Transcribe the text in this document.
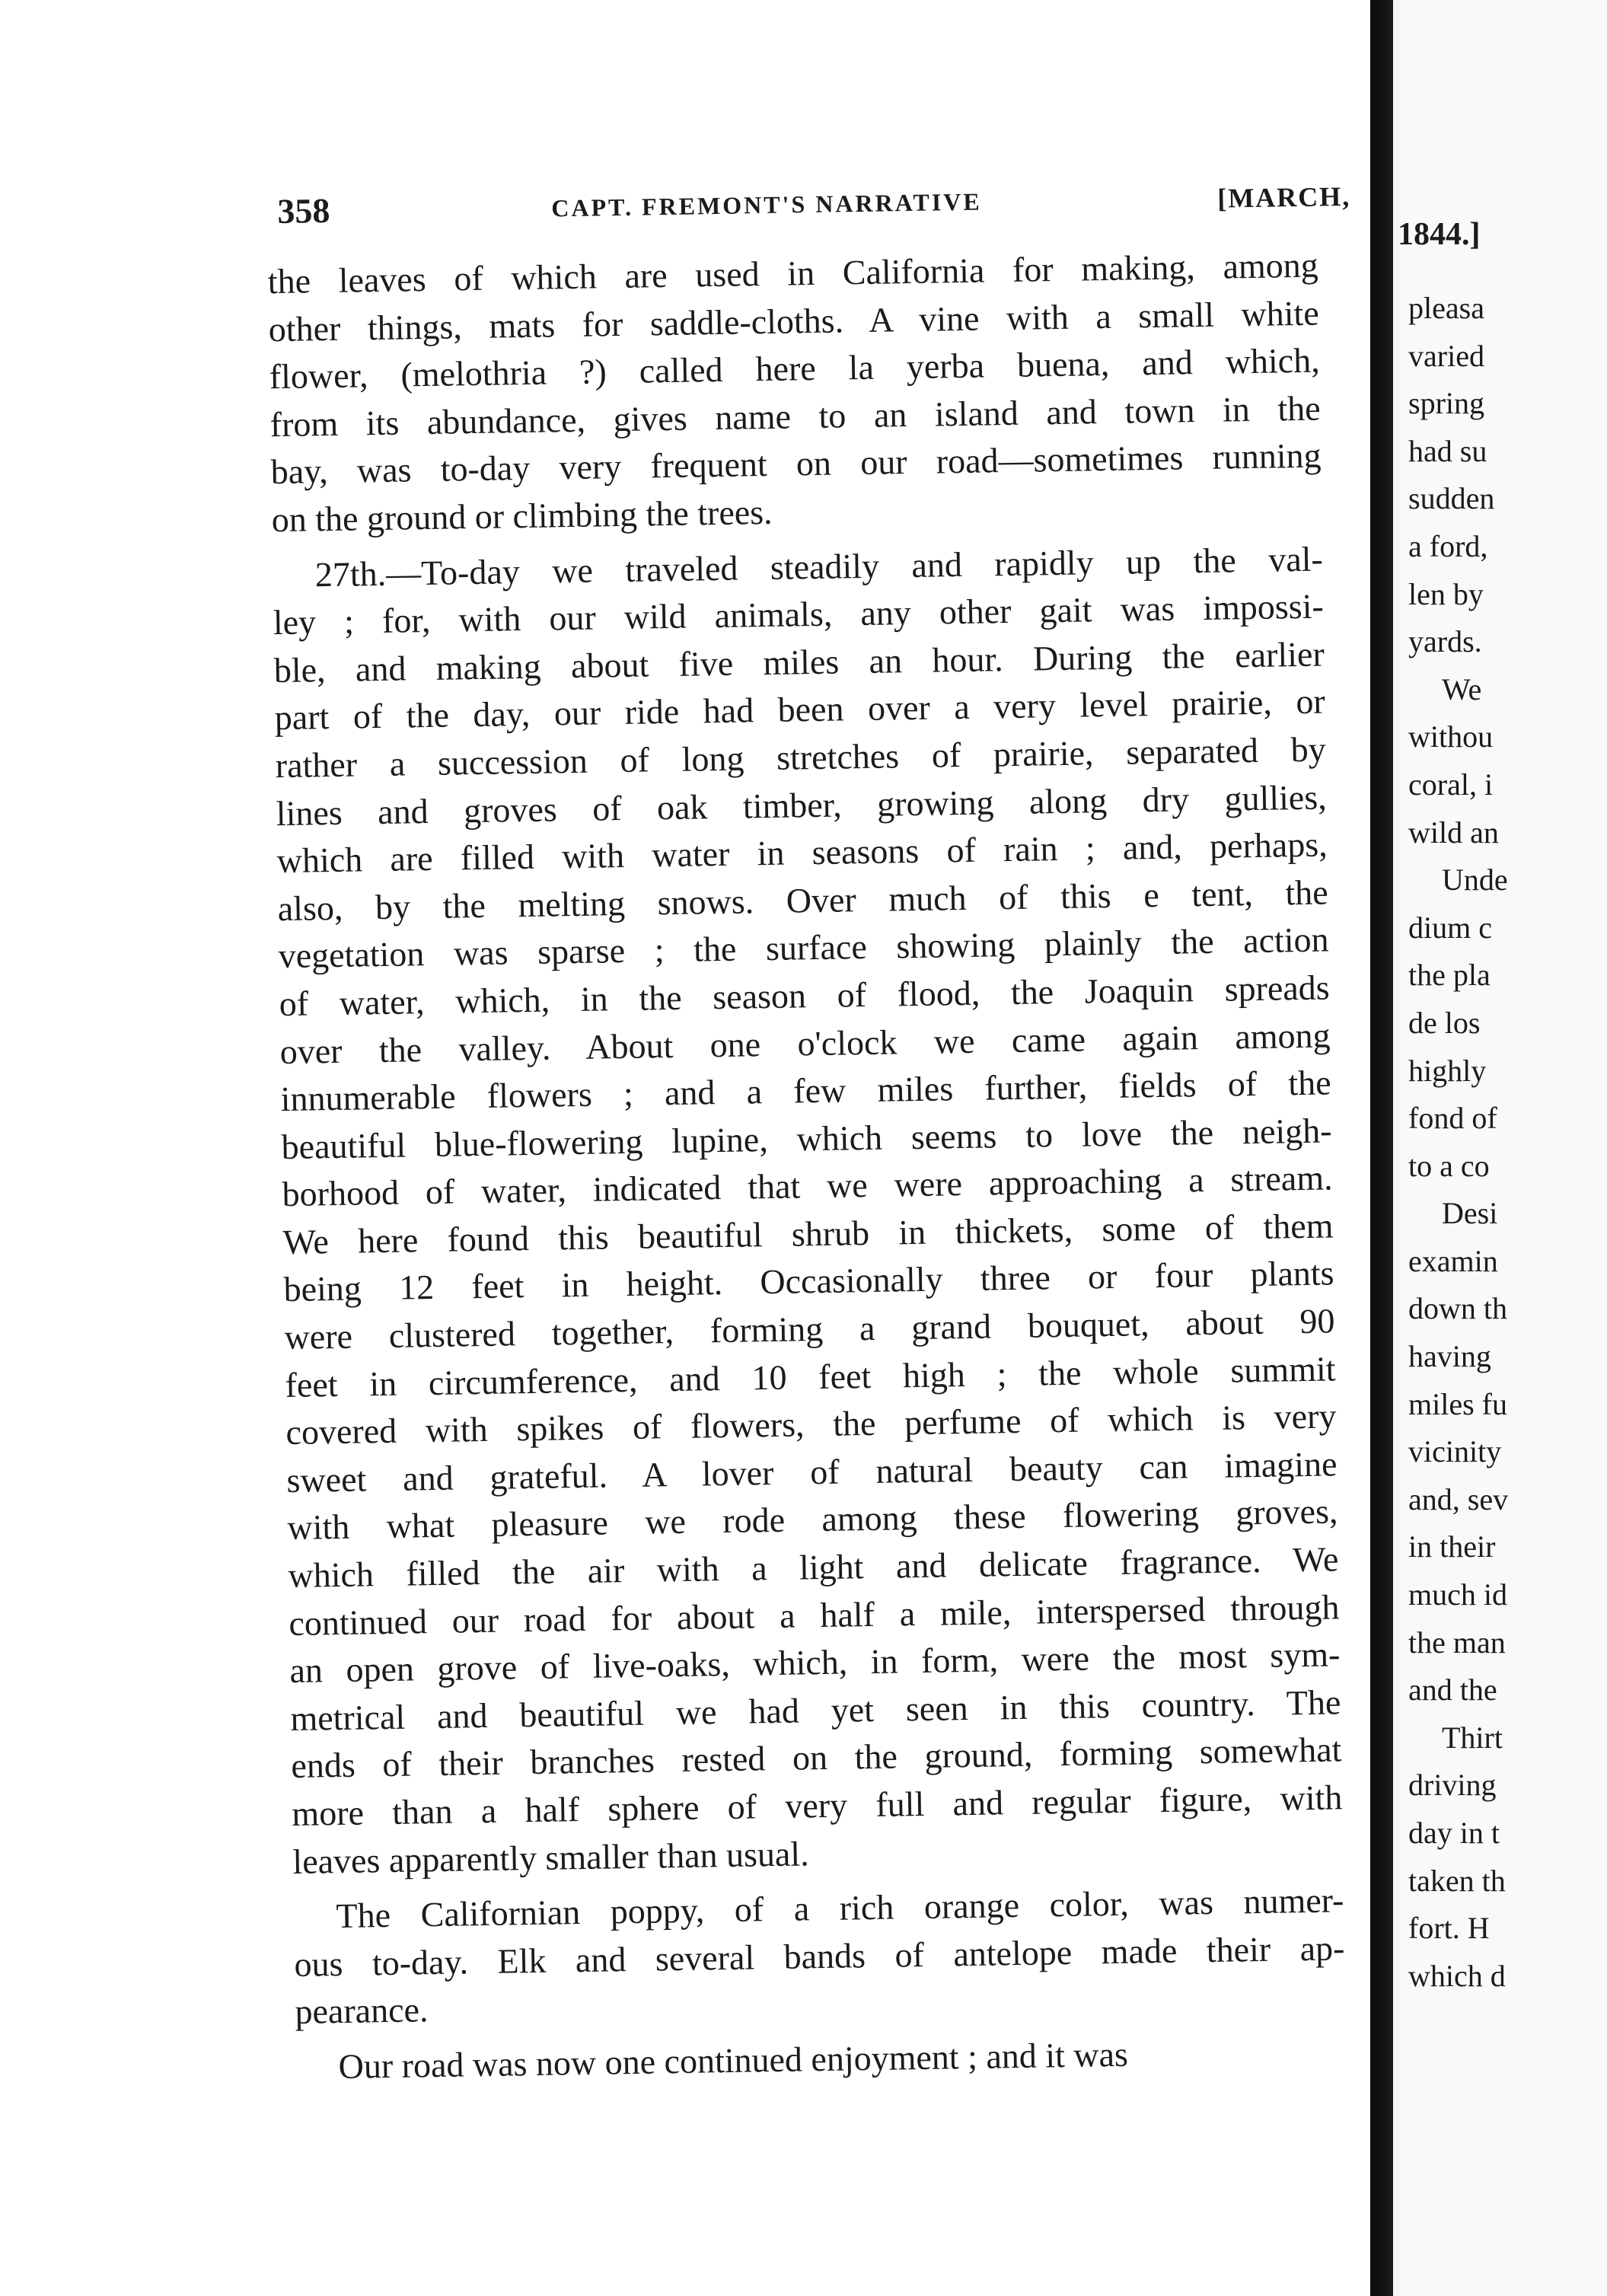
358	CAPT. FREMONT'S NARRATIVE	[MARCH,
the leaves of which are used in California for making, among
other things, mats for saddle-cloths. A vine with a small white
flower, (melothria ?) called here la yerba buena, and which,
from its abundance, gives name to an island and town in the
bay, was to-day very frequent on our road—sometimes running
on the ground or climbing the trees.
27th.—To-day we traveled steadily and rapidly up the val-
ley ; for, with our wild animals, any other gait was impossi-
ble, and making about five miles an hour. During the earlier
part of the day, our ride had been over a very level prairie, or
rather a succession of long stretches of prairie, separated by
lines and groves of oak timber, growing along dry gullies,
which are filled with water in seasons of rain ; and, perhaps,
also, by the melting snows. Over much of this e tent, the
vegetation was sparse ; the surface showing plainly the action
of water, which, in the season of flood, the Joaquin spreads
over the valley. About one o'clock we came again among
innumerable flowers ; and a few miles further, fields of the
beautiful blue-flowering lupine, which seems to love the neigh-
borhood of water, indicated that we were approaching a stream.
We here found this beautiful shrub in thickets, some of them
being 12 feet in height. Occasionally three or four plants
were clustered together, forming a grand bouquet, about 90
feet in circumference, and 10 feet high ; the whole summit
covered with spikes of flowers, the perfume of which is very
sweet and grateful. A lover of natural beauty can imagine
with what pleasure we rode among these flowering groves,
which filled the air with a light and delicate fragrance. We
continued our road for about a half a mile, interspersed through
an open grove of live-oaks, which, in form, were the most sym-
metrical and beautiful we had yet seen in this country. The
ends of their branches rested on the ground, forming somewhat
more than a half sphere of very full and regular figure, with
leaves apparently smaller than usual.
The Californian poppy, of a rich orange color, was numer-
ous to-day. Elk and several bands of antelope made their ap-
pearance.
Our road was now one continued enjoyment ; and it was
1844.]
pleasa
varied
spring
had su
sudden
a ford,
len by
yards.
We
withou
coral, i
wild an
Unde
dium c
the pla
de los
highly
fond of
to a co
Desi
examin
down th
having
miles fu
vicinity
and, sev
in their
much id
the man
and the
Thirt
driving
day in t
taken th
fort. H
which d
